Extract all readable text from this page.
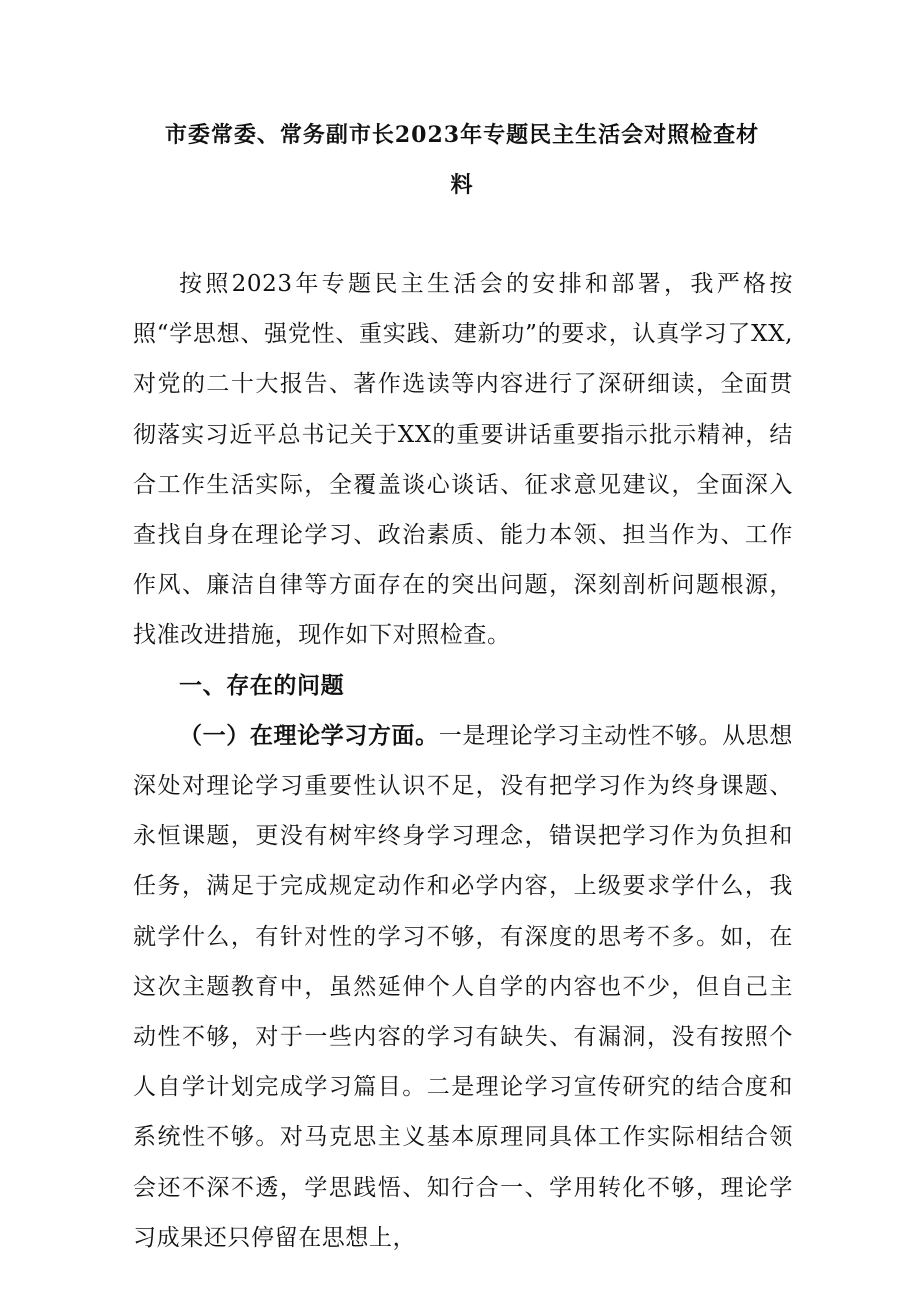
市委常委、常务副市长2023年专题民主生活会对照检查材
料

按照2023年专题民主生活会的安排和部署，我严格按照“学思想、强党性、重实践、建新功”的要求，认真学习了XX,对党的二十大报告、著作选读等内容进行了深研细读，全面贯彻落实习近平总书记关于XX的重要讲话重要指示批示精神，结合工作生活实际，全覆盖谈心谈话、征求意见建议，全面深入查找自身在理论学习、政治素质、能力本领、担当作为、工作作风、廉洁自律等方面存在的突出问题，深刻剖析问题根源，找准改进措施，现作如下对照检查。

一、存在的问题

（一）在理论学习方面。一是理论学习主动性不够。从思想深处对理论学习重要性认识不足，没有把学习作为终身课题、永恒课题，更没有树牢终身学习理念，错误把学习作为负担和任务，满足于完成规定动作和必学内容，上级要求学什么，我就学什么，有针对性的学习不够，有深度的思考不多。如，在这次主题教育中，虽然延伸个人自学的内容也不少，但自己主动性不够，对于一些内容的学习有缺失、有漏洞，没有按照个人自学计划完成学习篇目。二是理论学习宣传研究的结合度和系统性不够。对马克思主义基本原理同具体工作实际相结合领会还不深不透，学思践悟、知行合一、学用转化不够，理论学习成果还只停留在思想上，
